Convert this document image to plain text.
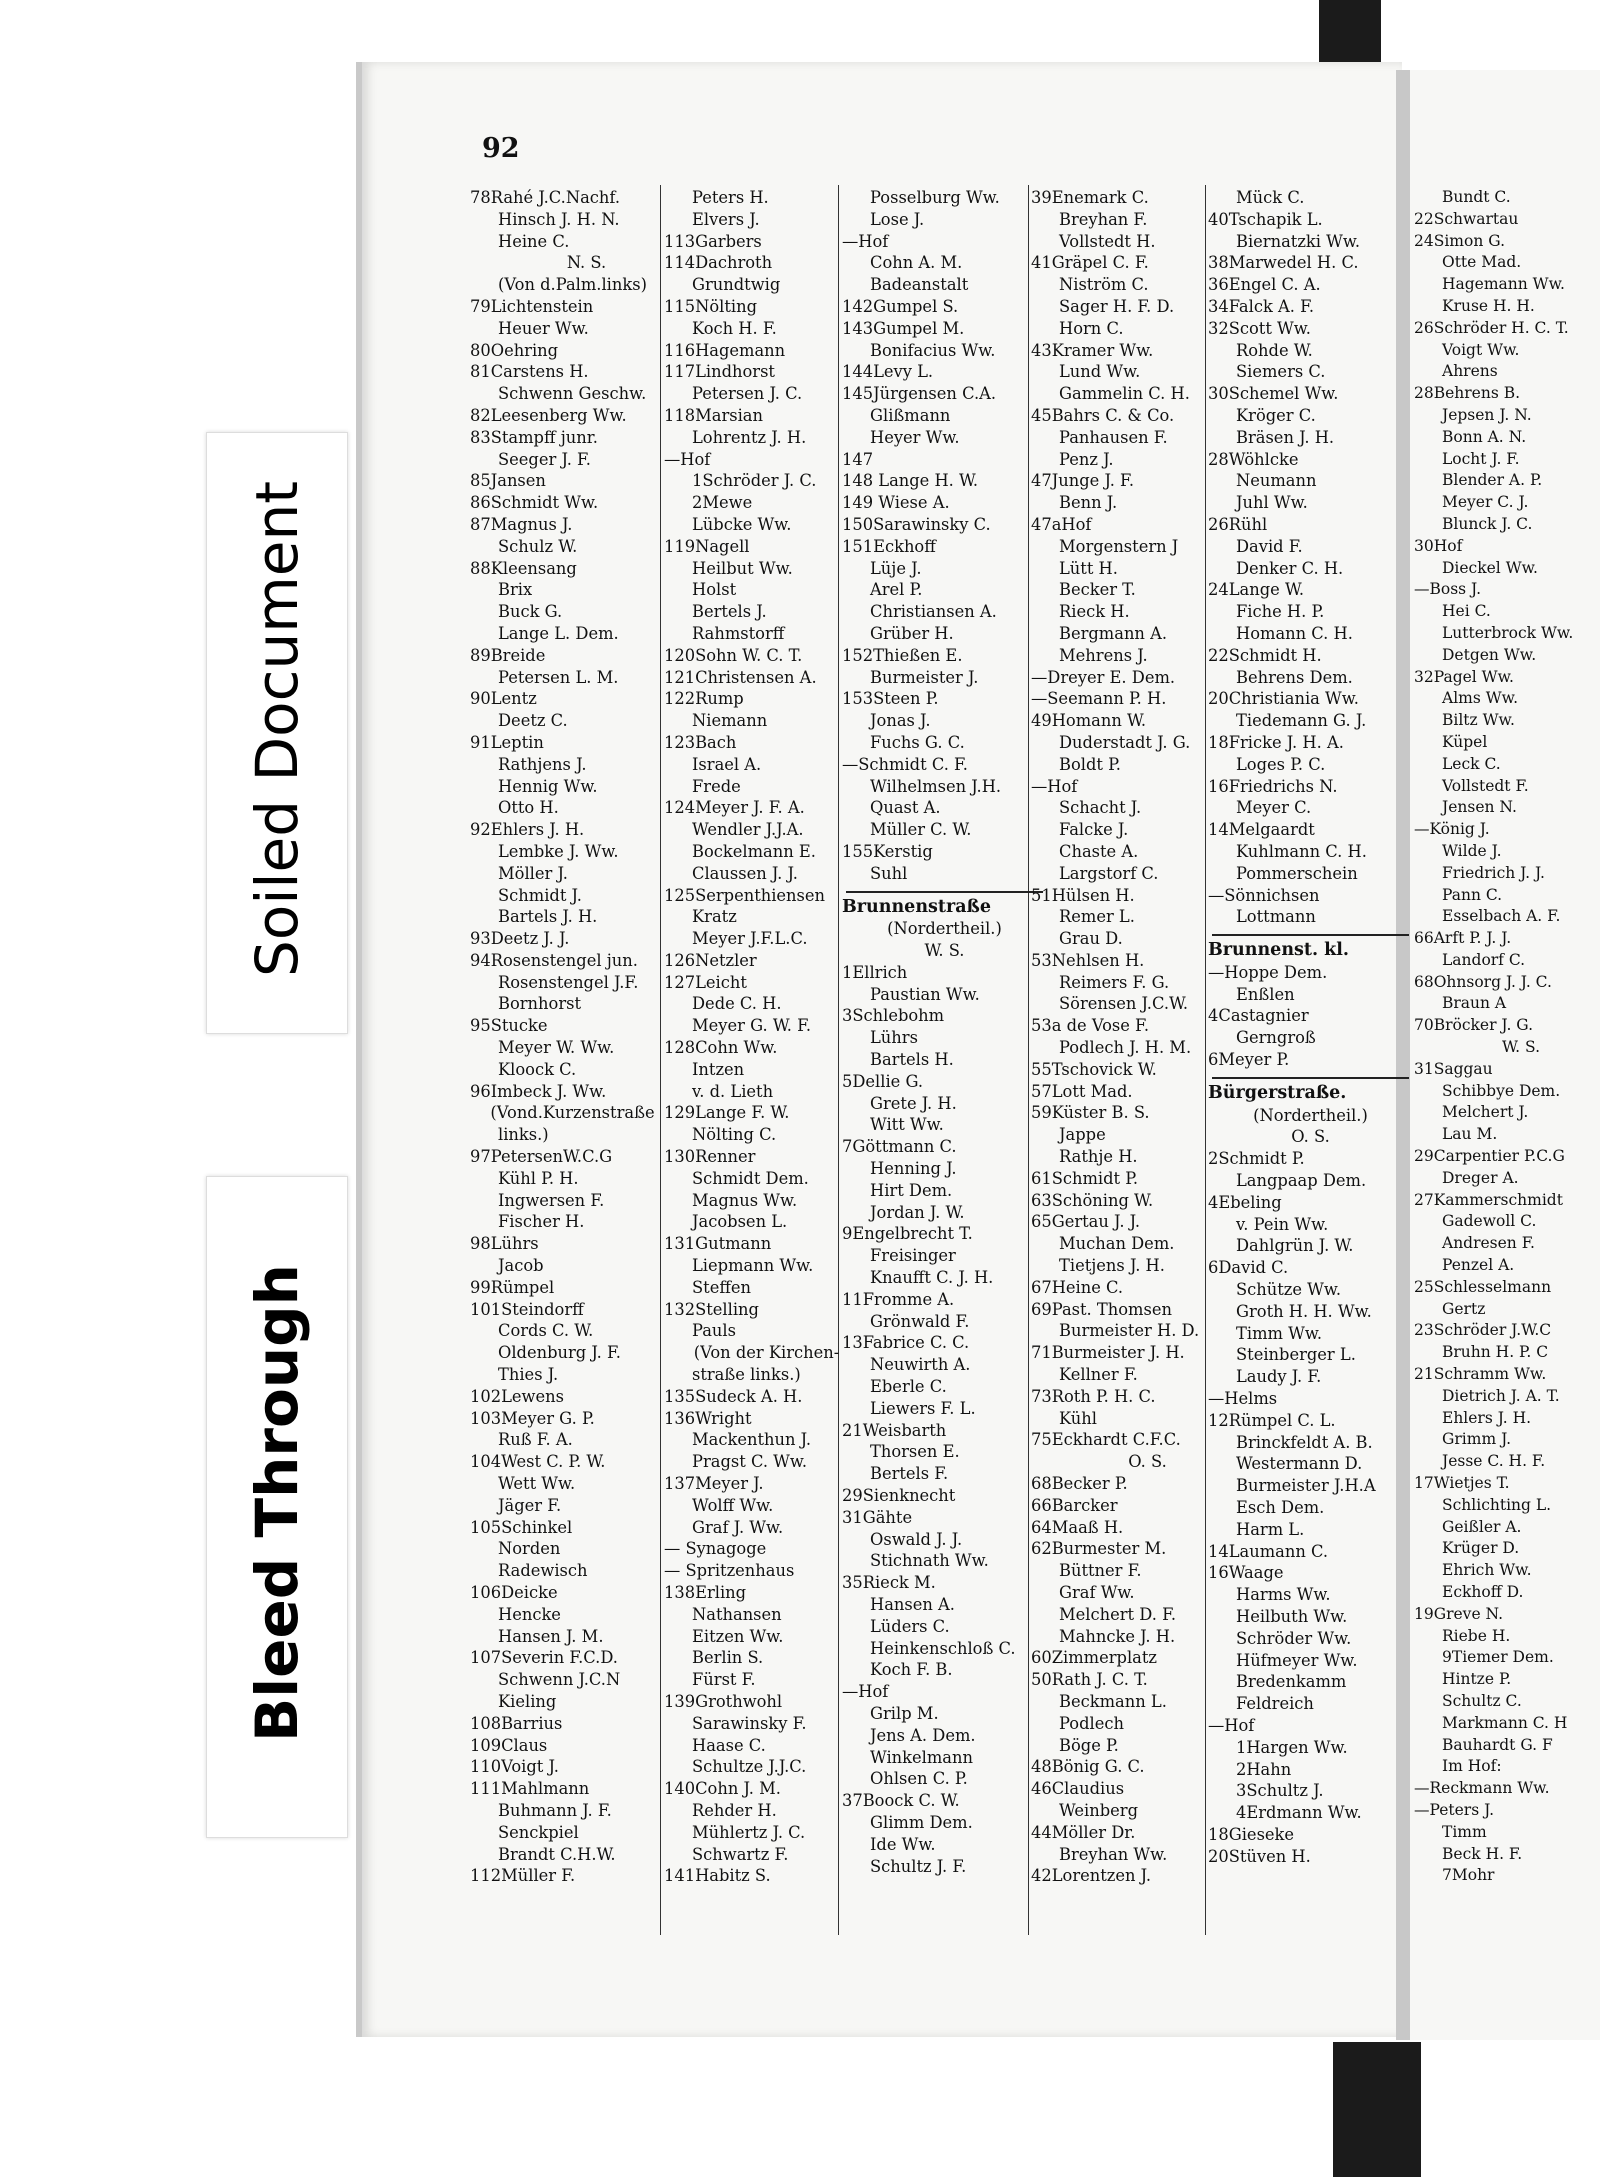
Soiled Document
Bleed Through
92
78Rahé J.C.Nachf.
Hinsch J. H. N.
Heine C.
N. S.
(Von d.Palm.links)
79Lichtenstein
Heuer Ww.
80Oehring
81Carstens H.
Schwenn Geschw.
82Leesenberg Ww.
83Stampff junr.
Seeger J. F.
85Jansen
86Schmidt Ww.
87Magnus J.
Schulz W.
88Kleensang
Brix
Buck G.
Lange L. Dem.
89Breide
Petersen L. M.
90Lentz
Deetz C.
91Leptin
Rathjens J.
Hennig Ww.
Otto H.
92Ehlers J. H.
Lembke J. Ww.
Möller J.
Schmidt J.
Bartels J. H.
93Deetz J. J.
94Rosenstengel jun.
Rosenstengel J.F.
Bornhorst
95Stucke
Meyer W. Ww.
Kloock C.
96Imbeck J. Ww.
(Vond.Kurzenstraße
links.)
97PetersenW.C.G
Kühl P. H.
Ingwersen F.
Fischer H.
98Lührs
Jacob
99Rümpel
101Steindorff
Cords C. W.
Oldenburg J. F.
Thies J.
102Lewens
103Meyer G. P.
Ruß F. A.
104West C. P. W.
Wett Ww.
Jäger F.
105Schinkel
Norden
Radewisch
106Deicke
Hencke
Hansen J. M.
107Severin F.C.D.
Schwenn J.C.N
Kieling
108Barrius
109Claus
110Voigt J.
111Mahlmann
Buhmann J. F.
Senckpiel
Brandt C.H.W.
112Müller F.
Peters H.
Elvers J.
113Garbers
114Dachroth
Grundtwig
115Nölting
Koch H. F.
116Hagemann
117Lindhorst
Petersen J. C.
118Marsian
Lohrentz J. H.
—Hof
1Schröder J. C.
2Mewe
Lübcke Ww.
119Nagell
Heilbut Ww.
Holst
Bertels J.
Rahmstorff
120Sohn W. C. T.
121Christensen A.
122Rump
Niemann
123Bach
Israel A.
Frede
124Meyer J. F. A.
Wendler J.J.A.
Bockelmann E.
Claussen J. J.
125Serpenthiensen
Kratz
Meyer J.F.L.C.
126Netzler
127Leicht
Dede C. H.
Meyer G. W. F.
128Cohn Ww.
Intzen
v. d. Lieth
129Lange F. W.
Nölting C.
130Renner
Schmidt Dem.
Magnus Ww.
Jacobsen L.
131Gutmann
Liepmann Ww.
Steffen
132Stelling
Pauls
(Von der Kirchen-
straße links.)
135Sudeck A. H.
136Wright
Mackenthun J.
Pragst C. Ww.
137Meyer J.
Wolff Ww.
Graf J. Ww.
— Synagoge
— Spritzenhaus
138Erling
Nathansen
Eitzen Ww.
Berlin S.
Fürst F.
139Grothwohl
Sarawinsky F.
Haase C.
Schultze J.J.C.
140Cohn J. M.
Rehder H.
Mühlertz J. C.
Schwartz F.
141Habitz S.
Posselburg Ww.
Lose J.
—Hof
Cohn A. M.
Badeanstalt
142Gumpel S.
143Gumpel M.
Bonifacius Ww.
144Levy L.
145Jürgensen C.A.
Glißmann
Heyer Ww.
147
148 Lange H. W.
149 Wiese A.
150Sarawinsky C.
151Eckhoff
Lüje J.
Arel P.
Christiansen A.
Grüber H.
152Thießen E.
Burmeister J.
153Steen P.
Jonas J.
Fuchs G. C.
—Schmidt C. F.
Wilhelmsen J.H.
Quast A.
Müller C. W.
155Kerstig
Suhl
Brunnenstraße
(Nordertheil.)
W. S.
1Ellrich
Paustian Ww.
3Schlebohm
Lührs
Bartels H.
5Dellie G.
Grete J. H.
Witt Ww.
7Göttmann C.
Henning J.
Hirt Dem.
Jordan J. W.
9Engelbrecht T.
Freisinger
Knaufft C. J. H.
11Fromme A.
Grönwald F.
13Fabrice C. C.
Neuwirth A.
Eberle C.
Liewers F. L.
21Weisbarth
Thorsen E.
Bertels F.
29Sienknecht
31Gähte
Oswald J. J.
Stichnath Ww.
35Rieck M.
Hansen A.
Lüders C.
Heinkenschloß C.
Koch F. B.
—Hof
Grilp M.
Jens A. Dem.
Winkelmann
Ohlsen C. P.
37Boock C. W.
Glimm Dem.
Ide Ww.
Schultz J. F.
39Enemark C.
Breyhan F.
Vollstedt H.
41Gräpel C. F.
Niström C.
Sager H. F. D.
Horn C.
43Kramer Ww.
Lund Ww.
Gammelin C. H.
45Bahrs C. & Co.
Panhausen F.
Penz J.
47Junge J. F.
Benn J.
47aHof
Morgenstern J
Lütt H.
Becker T.
Rieck H.
Bergmann A.
Mehrens J.
—Dreyer E. Dem.
—Seemann P. H.
49Homann W.
Duderstadt J. G.
Boldt P.
—Hof
Schacht J.
Falcke J.
Chaste A.
Largstorf C.
51Hülsen H.
Remer L.
Grau D.
53Nehlsen H.
Reimers F. G.
Sörensen J.C.W.
53a de Vose F.
Podlech J. H. M.
55Tschovick W.
57Lott Mad.
59Küster B. S.
Jappe
Rathje H.
61Schmidt P.
63Schöning W.
65Gertau J. J.
Muchan Dem.
Tietjens J. H.
67Heine C.
69Past. Thomsen
Burmeister H. D.
71Burmeister J. H.
Kellner F.
73Roth P. H. C.
Kühl
75Eckhardt C.F.C.
O. S.
68Becker P.
66Barcker
64Maaß H.
62Burmester M.
Büttner F.
Graf Ww.
Melchert D. F.
Mahncke J. H.
60Zimmerplatz
50Rath J. C. T.
Beckmann L.
Podlech
Böge P.
48Bönig G. C.
46Claudius
Weinberg
44Möller Dr.
Breyhan Ww.
42Lorentzen J.
Mück C.
40Tschapik L.
Biernatzki Ww.
38Marwedel H. C.
36Engel C. A.
34Falck A. F.
32Scott Ww.
Rohde W.
Siemers C.
30Schemel Ww.
Kröger C.
Bräsen J. H.
28Wöhlcke
Neumann
Juhl Ww.
26Rühl
David F.
Denker C. H.
24Lange W.
Fiche H. P.
Homann C. H.
22Schmidt H.
Behrens Dem.
20Christiania Ww.
Tiedemann G. J.
18Fricke J. H. A.
Loges P. C.
16Friedrichs N.
Meyer C.
14Melgaardt
Kuhlmann C. H.
Pommerschein
—Sönnichsen
Lottmann
Brunnenst. kl.
—Hoppe Dem.
Enßlen
4Castagnier
Gerngroß
6Meyer P.
Bürgerstraße.
(Nordertheil.)
O. S.
2Schmidt P.
Langpaap Dem.
4Ebeling
v. Pein Ww.
Dahlgrün J. W.
6David C.
Schütze Ww.
Groth H. H. Ww.
Timm Ww.
Steinberger L.
Laudy J. F.
—Helms
12Rümpel C. L.
Brinckfeldt A. B.
Westermann D.
Burmeister J.H.A
Esch Dem.
Harm L.
14Laumann C.
16Waage
Harms Ww.
Heilbuth Ww.
Schröder Ww.
Hüfmeyer Ww.
Bredenkamm
Feldreich
—Hof
1Hargen Ww.
2Hahn
3Schultz J.
4Erdmann Ww.
18Gieseke
20Stüven H.
Bundt C.
22Schwartau
24Simon G.
Otte Mad.
Hagemann Ww.
Kruse H. H.
26Schröder H. C. T.
Voigt Ww.
Ahrens
28Behrens B.
Jepsen J. N.
Bonn A. N.
Locht J. F.
Blender A. P.
Meyer C. J.
Blunck J. C.
30Hof
Dieckel Ww.
—Boss J.
Hei C.
Lutterbrock Ww.
Detgen Ww.
32Pagel Ww.
Alms Ww.
Biltz Ww.
Küpel
Leck C.
Vollstedt F.
Jensen N.
—König J.
Wilde J.
Friedrich J. J.
Pann C.
Esselbach A. F.
66Arft P. J. J.
Landorf C.
68Ohnsorg J. J. C.
Braun A
70Bröcker J. G.
W. S.
31Saggau
Schibbye Dem.
Melchert J.
Lau M.
29Carpentier P.C.G
Dreger A.
27Kammerschmidt
Gadewoll C.
Andresen F.
Penzel A.
25Schlesselmann
Gertz
23Schröder J.W.C
Bruhn H. P. C
21Schramm Ww.
Dietrich J. A. T.
Ehlers J. H.
Grimm J.
Jesse C. H. F.
17Wietjes T.
Schlichting L.
Geißler A.
Krüger D.
Ehrich Ww.
Eckhoff D.
19Greve N.
Riebe H.
9Tiemer Dem.
Hintze P.
Schultz C.
Markmann C. H
Bauhardt G. F
Im Hof:
—Reckmann Ww.
—Peters J.
Timm
Beck H. F.
7Mohr
